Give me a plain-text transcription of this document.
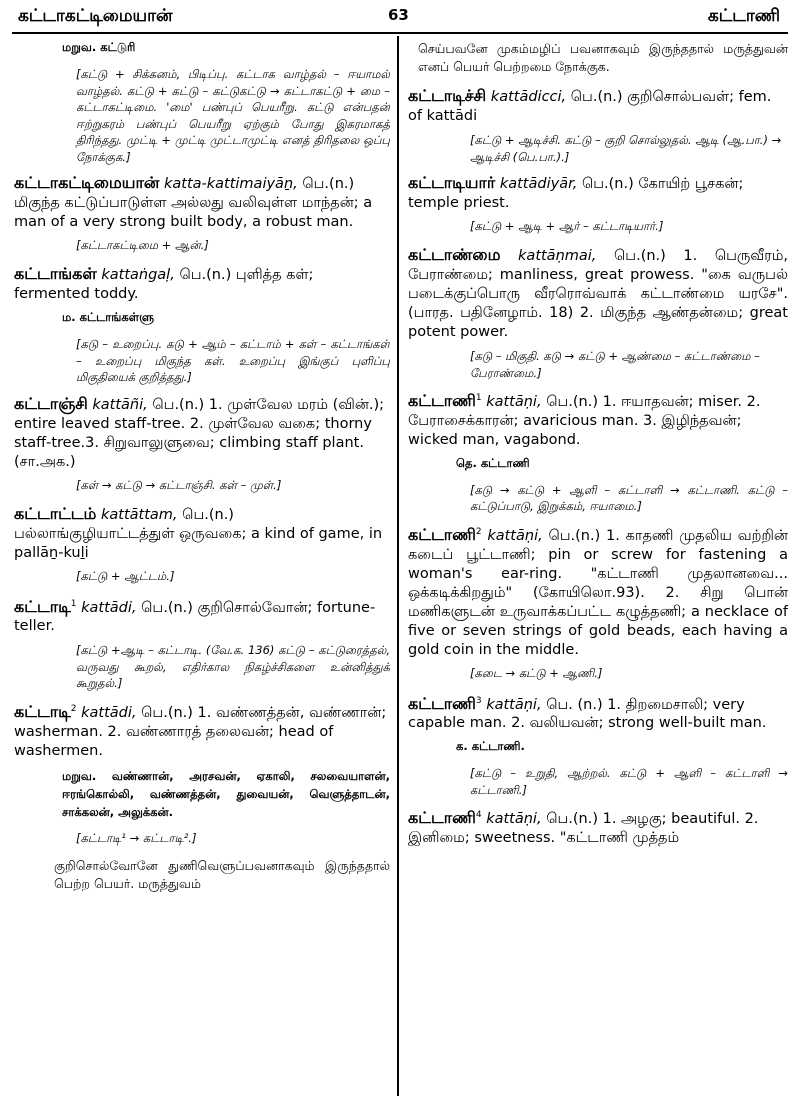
கட்டாகட்டிமையான்	63	கட்டாணி
மறுவ. கட்டுரி
[கட்டு + சிக்கனம், பிடிப்பு. கட்டாக வாழ்தல் – ஈயாமல் வாழ்தல். கட்டு + கட்டு – கட்டுகட்டு → கட்டாகட்டு + மை – கட்டாகட்டிமை. 'மை' பண்புப் பெயரீறு. கட்டு என்பதன் ஈற்றுகரம் பண்புப் பெயரீறு ஏற்கும் போது இகரமாகத் திரிந்தது. முட்டி + முட்டி முட்டாமுட்டி எனத் திரிதலை ஒப்பு நோக்குக.]
கட்டாகட்டிமையான் katta-kattimaiyāṉ, பெ.(n.) மிகுந்த கட்டுப்பாடுள்ள அல்லது வலிவுள்ள மாந்தன்; a man of a very strong built body, a robust man.
[கட்டாகட்டிமை + ஆன்.]
கட்டாங்கள் kattaṅgaḷ, பெ.(n.) புளித்த கள்; fermented toddy.
ம. கட்டாங்கள்ளு
[கடு – உறைப்பு. கடு + ஆம் – கட்டாம் + கள் – கட்டாங்கள் – உறைப்பு மிகுந்த கள். உறைப்பு இங்குப் புளிப்பு மிகுதியைக் குறித்தது.]
கட்டாஞ்சி kattāñi, பெ.(n.) 1. முள்வேல மரம் (வின்.); entire leaved staff-tree. 2. முள்வேல வகை; thorny staff-tree.3. சிறுவாலுளுவை; climbing staff plant. (சா.அக.)
[கள் → கட்டு → கட்டாஞ்சி. கள் – முள்.]
கட்டாட்டம் kattāttam, பெ.(n.) பல்லாங்குழியாட்டத்துள் ஒருவகை; a kind of game, in pallāṉ-kuḻi
[கட்டு + ஆட்டம்.]
கட்டாடி$^1$ kattādi, பெ.(n.) குறிசொல்வோன்; fortune-teller.
[கட்டு +ஆடி – கட்டாடி. (வே.க. 136) கட்டு – கட்டுரைத்தல், வருவது கூறல், எதிர்கால நிகழ்ச்சிகளை உன்னித்துக் கூறுதல்.]
கட்டாடி$^2$ kattādi, பெ.(n.) 1. வண்ணத்தன், வண்ணான்; washerman. 2. வண்ணாரத் தலைவன்; head of washermen.
மறுவ. வண்ணான், அரசவன், ஏகாலி, சலவையாளன், ஈரங்கொல்லி, வண்ணத்தன், துவையன், வெளுத்தாடன், சாக்கலன், அலுக்கன்.
[கட்டாடி¹ → கட்டாடி².]
குறிசொல்வோனே துணிவெளுப்பவனாகவும் இருந்ததால் பெற்ற பெயர். மருத்துவம்
செய்பவனே முகம்மழிப் பவனாகவும் இருந்ததால் மருத்துவன் எனப் பெயர் பெற்றமை நோக்குக.
கட்டாடிச்சி kattādicci, பெ.(n.) குறிசொல்பவள்; fem. of kattādi
[கட்டு + ஆடிச்சி. கட்டு – குறி சொல்லுதல். ஆடி (ஆ.பா.) → ஆடிச்சி (பெ.பா.).]
கட்டாடியார் kattādiyār, பெ.(n.) கோயிற் பூசகன்; temple priest.
[கட்டு + ஆடி + ஆர் – கட்டாடியார்.]
கட்டாண்மை kattāṇmai, பெ.(n.) 1. பெருவீரம், பேராண்மை; manliness, great prowess. "கை வருபல் படைக்குப்பொரு வீரரொவ்வாக் கட்டாண்மை யரசே". (பாரத. பதினேழாம். 18) 2. மிகுந்த ஆண்தன்மை; great potent power.
[கடு – மிகுதி. கடு → கட்டு + ஆண்மை – கட்டாண்மை – பேராண்மை.]
கட்டாணி$^1$ kattāṇi, பெ.(n.) 1. ஈயாதவன்; miser. 2. பேராசைக்காரன்; avaricious man. 3. இழிந்தவன்; wicked man, vagabond.
தெ. கட்டாணி
[கடு → கட்டு + ஆளி – கட்டாளி → கட்டாணி. கட்டு – கட்டுப்பாடு, இறுக்கம், ஈயாமை.]
கட்டாணி$^2$ kattāṇi, பெ.(n.) 1. காதணி முதலிய வற்றின் கடைப் பூட்டாணி; pin or screw for fastening a woman's ear-ring. "கட்டாணி முதலானவை... ஒக்கடிக்கிறதும்" (கோயிலொ.93). 2. சிறு பொன் மணிகளுடன் உருவாக்கப்பட்ட கழுத்தணி; a necklace of five or seven strings of gold beads, each having a gold coin in the middle.
[கடை → கட்டு + ஆணி.]
கட்டாணி$^3$ kattāṇi, பெ. (n.) 1. திறமைசாலி; very capable man. 2. வலியவன்; strong well-built man.
க. கட்டாணி.
[கட்டு – உறுதி, ஆற்றல். கட்டு + ஆளி – கட்டாளி → கட்டாணி.]
கட்டாணி$^4$ kattāṇi, பெ.(n.) 1. அழகு; beautiful. 2. இனிமை; sweetness. "கட்டாணி முத்தம்
